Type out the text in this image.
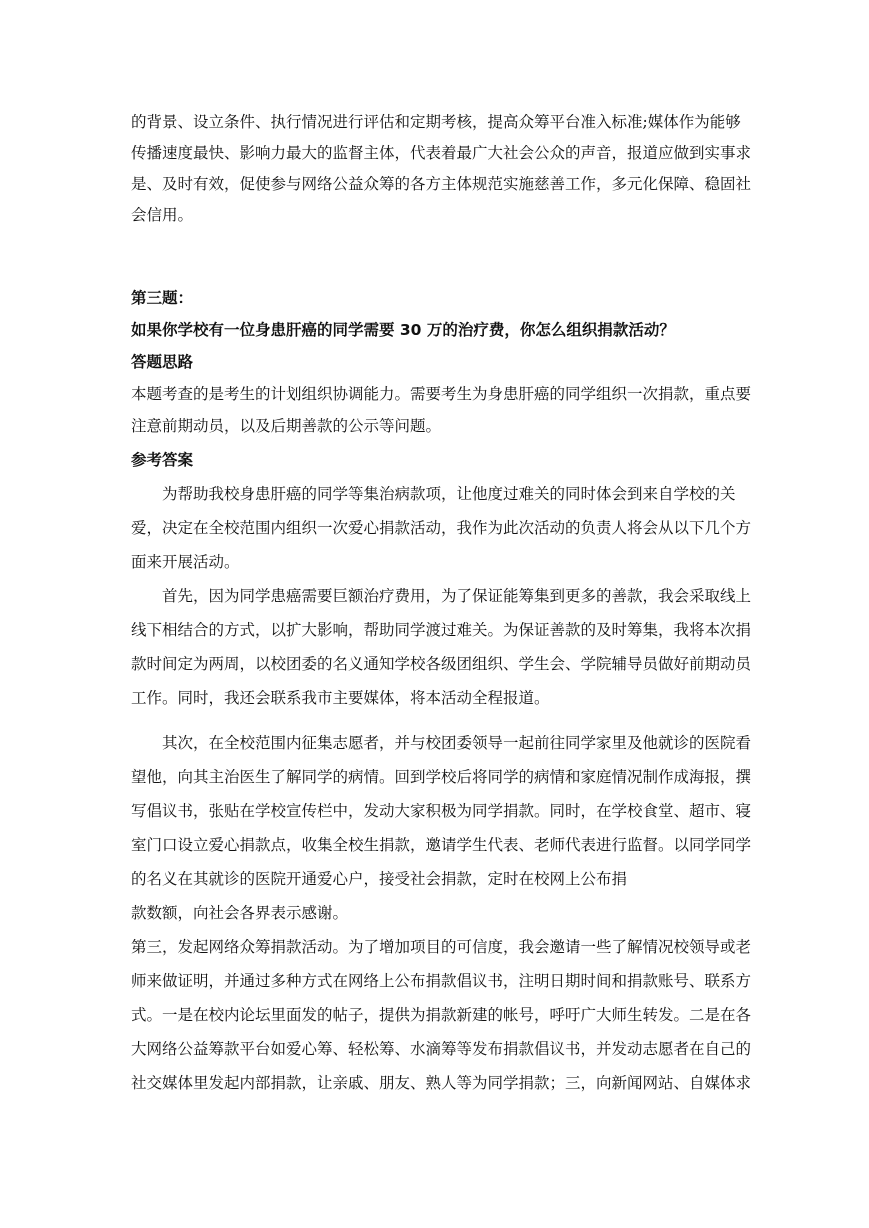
的背景、设立条件、执行情况进行评估和定期考核，提高众筹平台准入标准;媒体作为能够
传播速度最快、影响力最大的监督主体，代表着最广大社会公众的声音，报道应做到实事求
是、及时有效，促使参与网络公益众筹的各方主体规范实施慈善工作，多元化保障、稳固社
会信用。
第三题：
如果你学校有一位身患肝癌的同学需要 30 万的治疗费，你怎么组织捐款活动？
答题思路
本题考查的是考生的计划组织协调能力。需要考生为身患肝癌的同学组织一次捐款，重点要
注意前期动员，以及后期善款的公示等问题。
参考答案
为帮助我校身患肝癌的同学等集治病款项，让他度过难关的同时体会到来自学校的关
爱，决定在全校范围内组织一次爱心捐款活动，我作为此次活动的负责人将会从以下几个方
面来开展活动。
首先，因为同学患癌需要巨额治疗费用，为了保证能筹集到更多的善款，我会采取线上
线下相结合的方式，以扩大影响，帮助同学渡过难关。为保证善款的及时筹集，我将本次捐
款时间定为两周，以校团委的名义通知学校各级团组织、学生会、学院辅导员做好前期动员
工作。同时，我还会联系我市主要媒体，将本活动全程报道。
其次，在全校范围内征集志愿者，并与校团委领导一起前往同学家里及他就诊的医院看
望他，向其主治医生了解同学的病情。回到学校后将同学的病情和家庭情况制作成海报，撰
写倡议书，张贴在学校宣传栏中，发动大家积极为同学捐款。同时，在学校食堂、超市、寝
室门口设立爱心捐款点，收集全校生捐款，邀请学生代表、老师代表进行监督。以同学同学
的名义在其就诊的医院开通爱心户，接受社会捐款，定时在校网上公布捐
款数额，向社会各界表示感谢。
第三，发起网络众筹捐款活动。为了增加项目的可信度，我会邀请一些了解情况校领导或老
师来做证明，并通过多种方式在网络上公布捐款倡议书，注明日期时间和捐款账号、联系方
式。一是在校内论坛里面发的帖子，提供为捐款新建的帐号，呼吁广大师生转发。二是在各
大网络公益筹款平台如爱心筹、轻松筹、水滴筹等发布捐款倡议书，并发动志愿者在自己的
社交媒体里发起内部捐款，让亲戚、朋友、熟人等为同学捐款；三，向新闻网站、自媒体求
